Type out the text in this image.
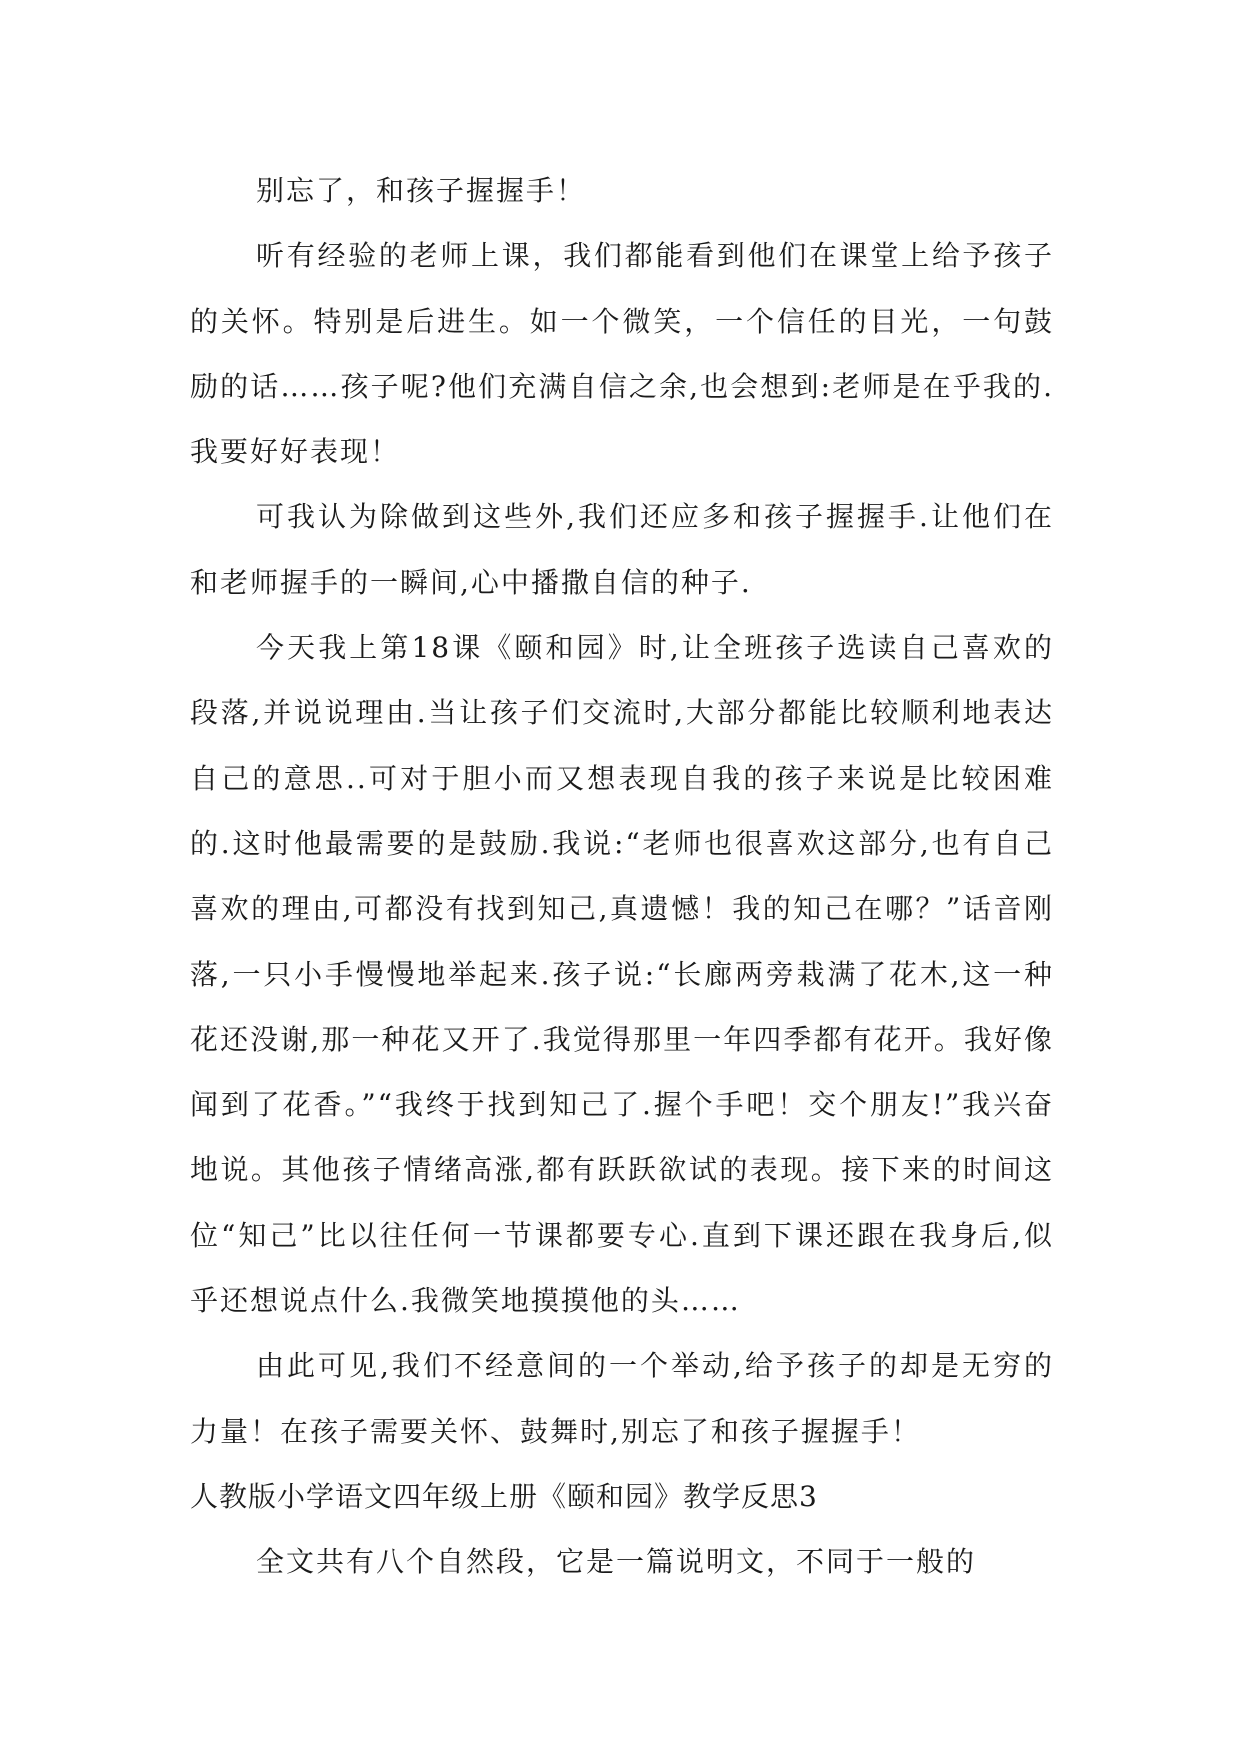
别忘了，和孩子握握手！

听有经验的老师上课，我们都能看到他们在课堂上给予孩子的关怀。特别是后进生。如一个微笑，一个信任的目光，一句鼓励的话……孩子呢?他们充满自信之余,也会想到:老师是在乎我的.我要好好表现！

可我认为除做到这些外,我们还应多和孩子握握手.让他们在和老师握手的一瞬间,心中播撒自信的种子.

今天我上第18课《颐和园》时,让全班孩子选读自己喜欢的段落,并说说理由.当让孩子们交流时,大部分都能比较顺利地表达自己的意思..可对于胆小而又想表现自我的孩子来说是比较困难的.这时他最需要的是鼓励.我说:“老师也很喜欢这部分,也有自己喜欢的理由,可都没有找到知己,真遗憾！我的知己在哪？”话音刚落,一只小手慢慢地举起来.孩子说:“长廊两旁栽满了花木,这一种花还没谢,那一种花又开了.我觉得那里一年四季都有花开。我好像闻到了花香。”“我终于找到知己了.握个手吧！交个朋友!”我兴奋地说。其他孩子情绪高涨,都有跃跃欲试的表现。接下来的时间这位“知己”比以往任何一节课都要专心.直到下课还跟在我身后,似乎还想说点什么.我微笑地摸摸他的头……

由此可见,我们不经意间的一个举动,给予孩子的却是无穷的力量！在孩子需要关怀、鼓舞时,别忘了和孩子握握手！

人教版小学语文四年级上册《颐和园》教学反思3

全文共有八个自然段，它是一篇说明文，不同于一般的
